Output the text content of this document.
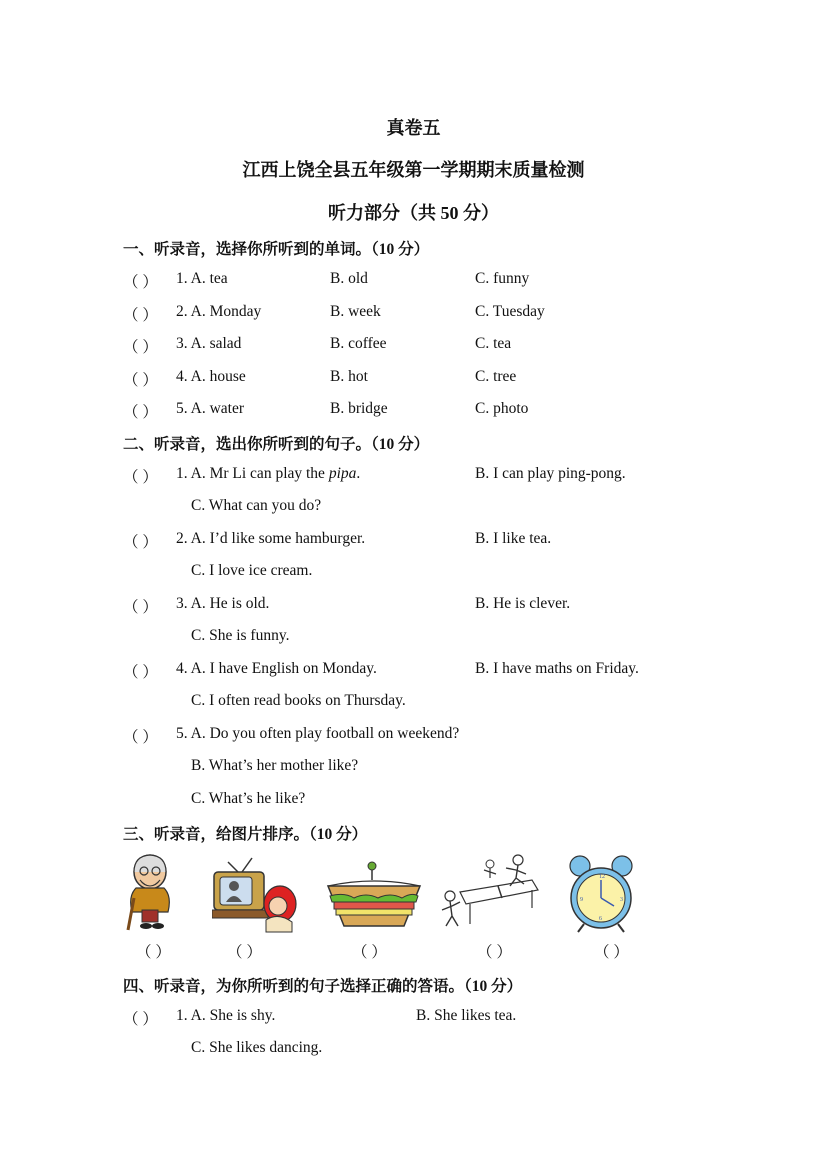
真卷五
江西上饶全县五年级第一学期期末质量检测
听力部分（共 50 分）
一、听录音，选择你所听到的单词。（10 分）
（ ） 1. A. tea	B. old	C. funny
（ ） 2. A. Monday	B. week	C. Tuesday
（ ） 3. A. salad	B. coffee	C. tea
（ ） 4. A. house	B. hot	C. tree
（ ） 5. A. water	B. bridge	C. photo
二、听录音，选出你所听到的句子。（10 分）
（ ） 1. A. Mr Li can play the pipa.	B. I can play ping-pong.
C. What can you do?
（ ） 2. A. I’d like some hamburger.	B. I like tea.
C. I love ice cream.
（ ） 3. A. He is old.	B. He is clever.
C. She is funny.
（ ） 4. A. I have English on Monday.	B. I have maths on Friday.
C. I often read books on Thursday.
（ ） 5. A. Do you often play football on weekend?
B. What’s her mother like?
C. What’s he like?
三、听录音，给图片排序。（10 分）
12
3
6
9
（ ）	（ ）	（ ）	（ ）	（ ）
四、听录音，为你所听到的句子选择正确的答语。（10 分）
（ ） 1. A. She is shy.	B. She likes tea.
C. She likes dancing.
